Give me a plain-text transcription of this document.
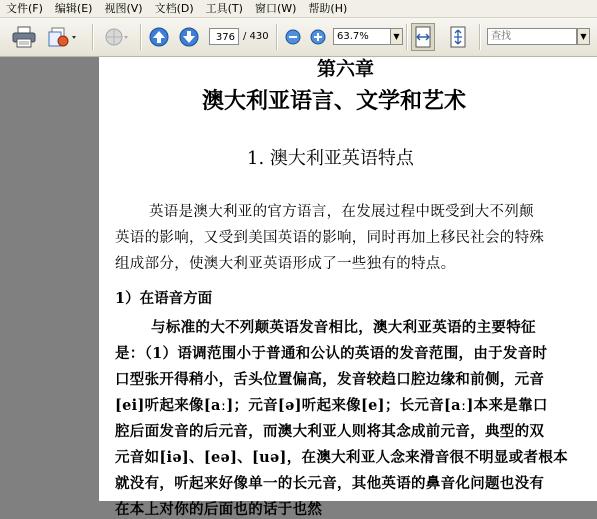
文件(F)	编辑(E)	视图(V)	文档(D)	工具(T)	窗口(W)	帮助(H)
376 / 430	63.7%	▼	查找	▼
第六章
澳大利亚语言、文学和艺术
1. 澳大利亚英语特点
英语是澳大利亚的官方语言，在发展过程中既受到大不列颠
英语的影响，又受到美国英语的影响，同时再加上移民社会的特殊
组成部分，使澳大利亚英语形成了一些独有的特点。
1）在语音方面
与标准的大不列颠英语发音相比，澳大利亚英语的主要特征
是：（1）语调范围小于普通和公认的英语的发音范围，由于发音时
口型张开得稍小，舌头位置偏高，发音较趋口腔边缘和前侧，元音
[ei]听起来像[aː]；元音[ə]听起来像[e]；长元音[aː]本来是靠口
腔后面发音的后元音，而澳大利亚人则将其念成前元音，典型的双
元音如[iə]、[eə]、[uə]，在澳大利亚人念来滑音很不明显或者根本
就没有，听起来好像单一的长元音，其他英语的鼻音化问题也没有
在本上对你的后面也的话于也然
